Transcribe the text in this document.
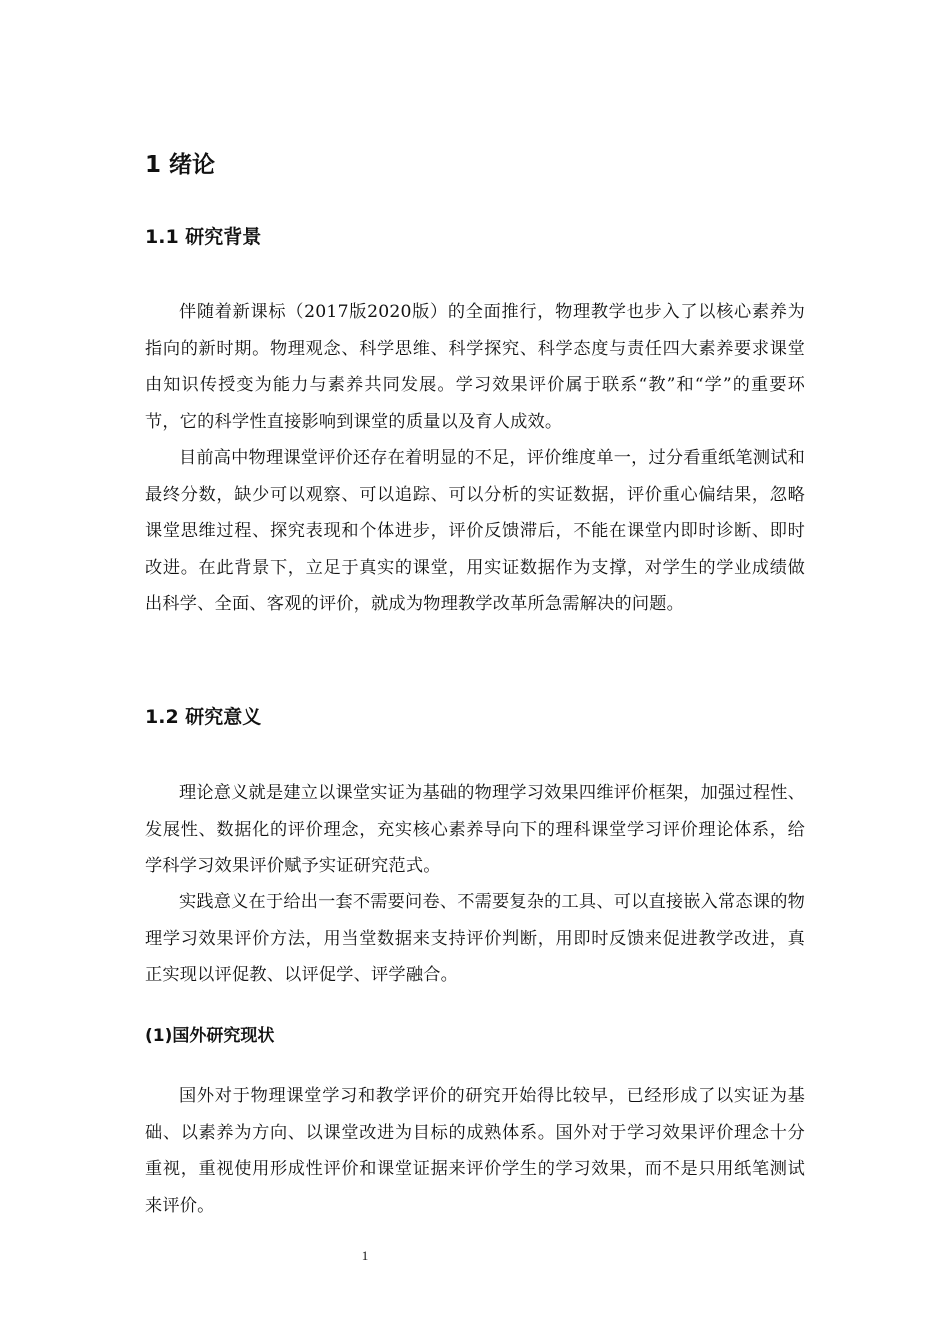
1 绪论
1.1 研究背景

伴随着新课标（2017版2020版）的全面推行，物理教学也步入了以核心素养为指向的新时期。物理观念、科学思维、科学探究、科学态度与责任四大素养要求课堂由知识传授变为能力与素养共同发展。学习效果评价属于联系“教”和“学”的重要环节，它的科学性直接影响到课堂的质量以及育人成效。

目前高中物理课堂评价还存在着明显的不足，评价维度单一，过分看重纸笔测试和最终分数，缺少可以观察、可以追踪、可以分析的实证数据，评价重心偏结果，忽略课堂思维过程、探究表现和个体进步，评价反馈滞后，不能在课堂内即时诊断、即时改进。在此背景下，立足于真实的课堂，用实证数据作为支撑，对学生的学业成绩做出科学、全面、客观的评价，就成为物理教学改革所急需解决的问题。

1.2 研究意义

理论意义就是建立以课堂实证为基础的物理学习效果四维评价框架，加强过程性、发展性、数据化的评价理念，充实核心素养导向下的理科课堂学习评价理论体系，给学科学习效果评价赋予实证研究范式。

实践意义在于给出一套不需要问卷、不需要复杂的工具、可以直接嵌入常态课的物理学习效果评价方法，用当堂数据来支持评价判断，用即时反馈来促进教学改进，真正实现以评促教、以评促学、评学融合。

(1)国外研究现状

国外对于物理课堂学习和教学评价的研究开始得比较早，已经形成了以实证为基础、以素养为方向、以课堂改进为目标的成熟体系。国外对于学习效果评价理念十分重视，重视使用形成性评价和课堂证据来评价学生的学习效果，而不是只用纸笔测试来评价。

1
